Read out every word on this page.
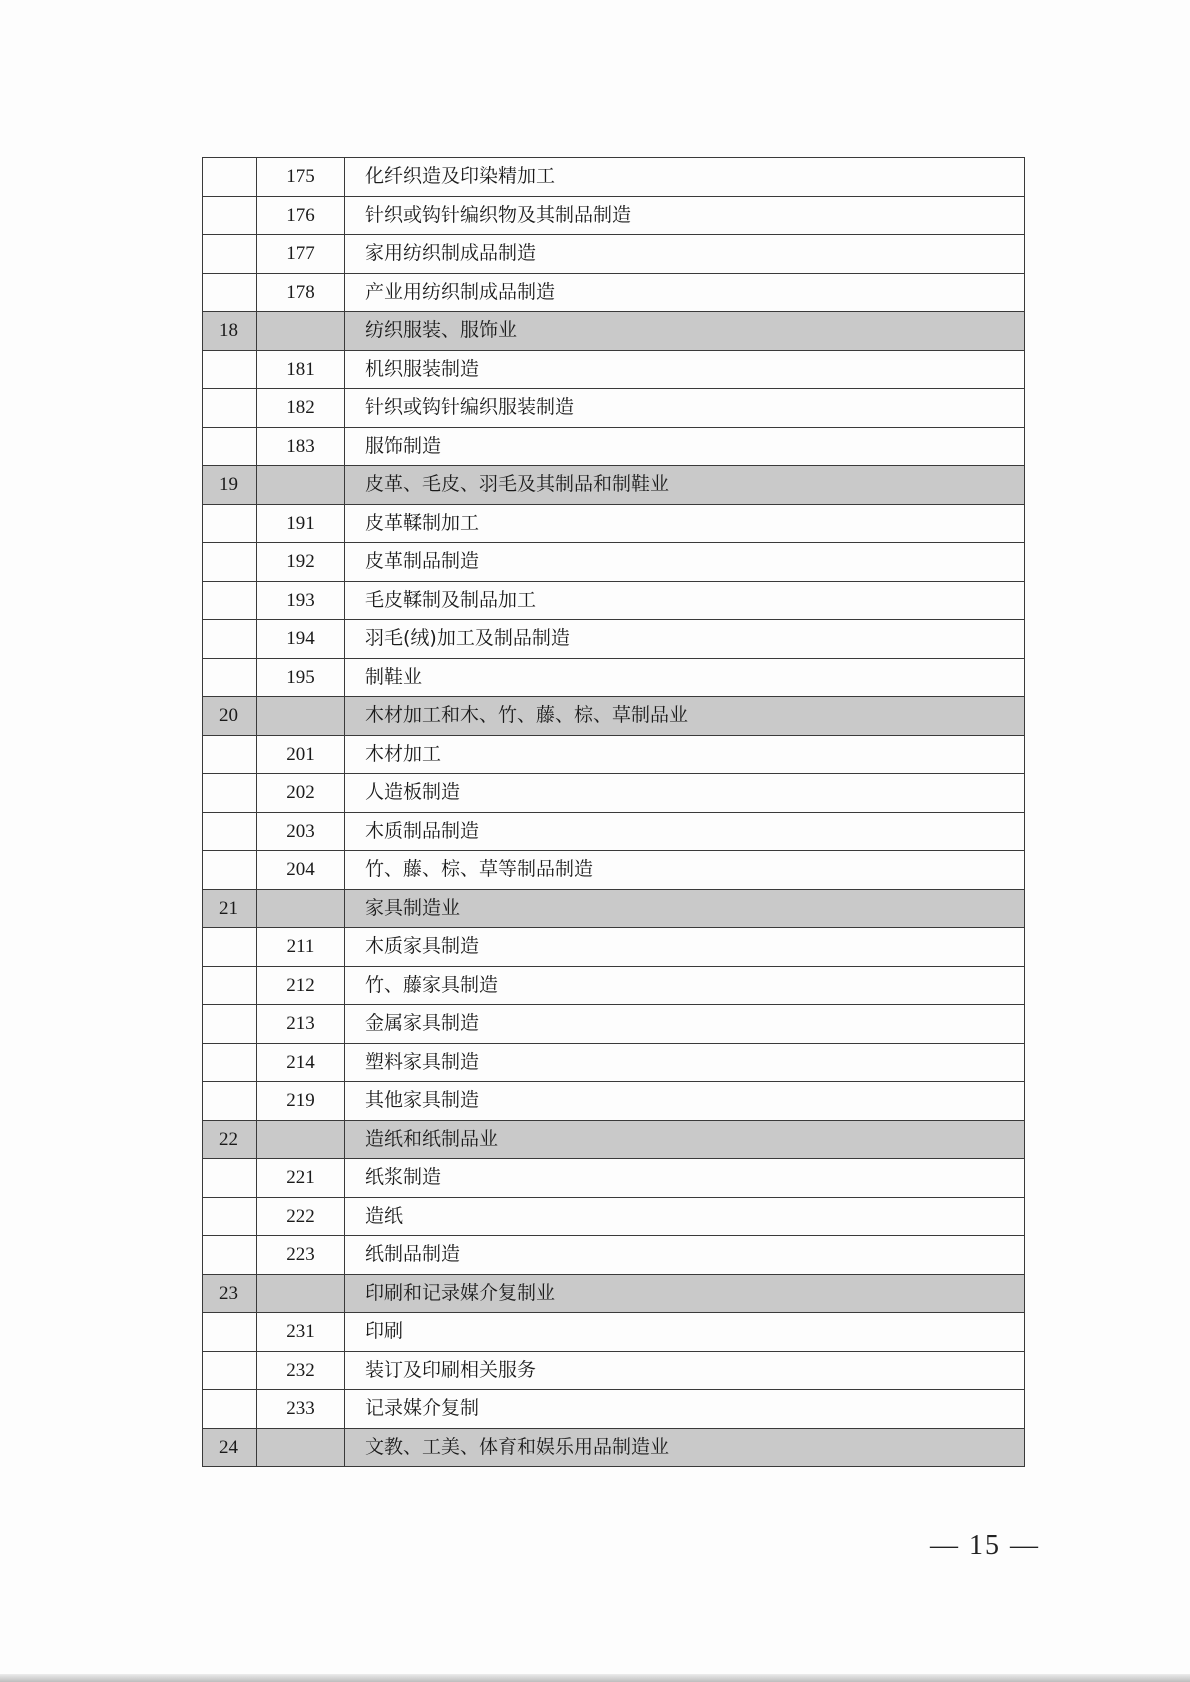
	175	化纤织造及印染精加工
	176	针织或钩针编织物及其制品制造
	177	家用纺织制成品制造
	178	产业用纺织制成品制造
18		纺织服装、服饰业
	181	机织服装制造
	182	针织或钩针编织服装制造
	183	服饰制造
19		皮革、毛皮、羽毛及其制品和制鞋业
	191	皮革鞣制加工
	192	皮革制品制造
	193	毛皮鞣制及制品加工
	194	羽毛(绒)加工及制品制造
	195	制鞋业
20		木材加工和木、竹、藤、棕、草制品业
	201	木材加工
	202	人造板制造
	203	木质制品制造
	204	竹、藤、棕、草等制品制造
21		家具制造业
	211	木质家具制造
	212	竹、藤家具制造
	213	金属家具制造
	214	塑料家具制造
	219	其他家具制造
22		造纸和纸制品业
	221	纸浆制造
	222	造纸
	223	纸制品制造
23		印刷和记录媒介复制业
	231	印刷
	232	装订及印刷相关服务
	233	记录媒介复制
24		文教、工美、体育和娱乐用品制造业
— 15 —
